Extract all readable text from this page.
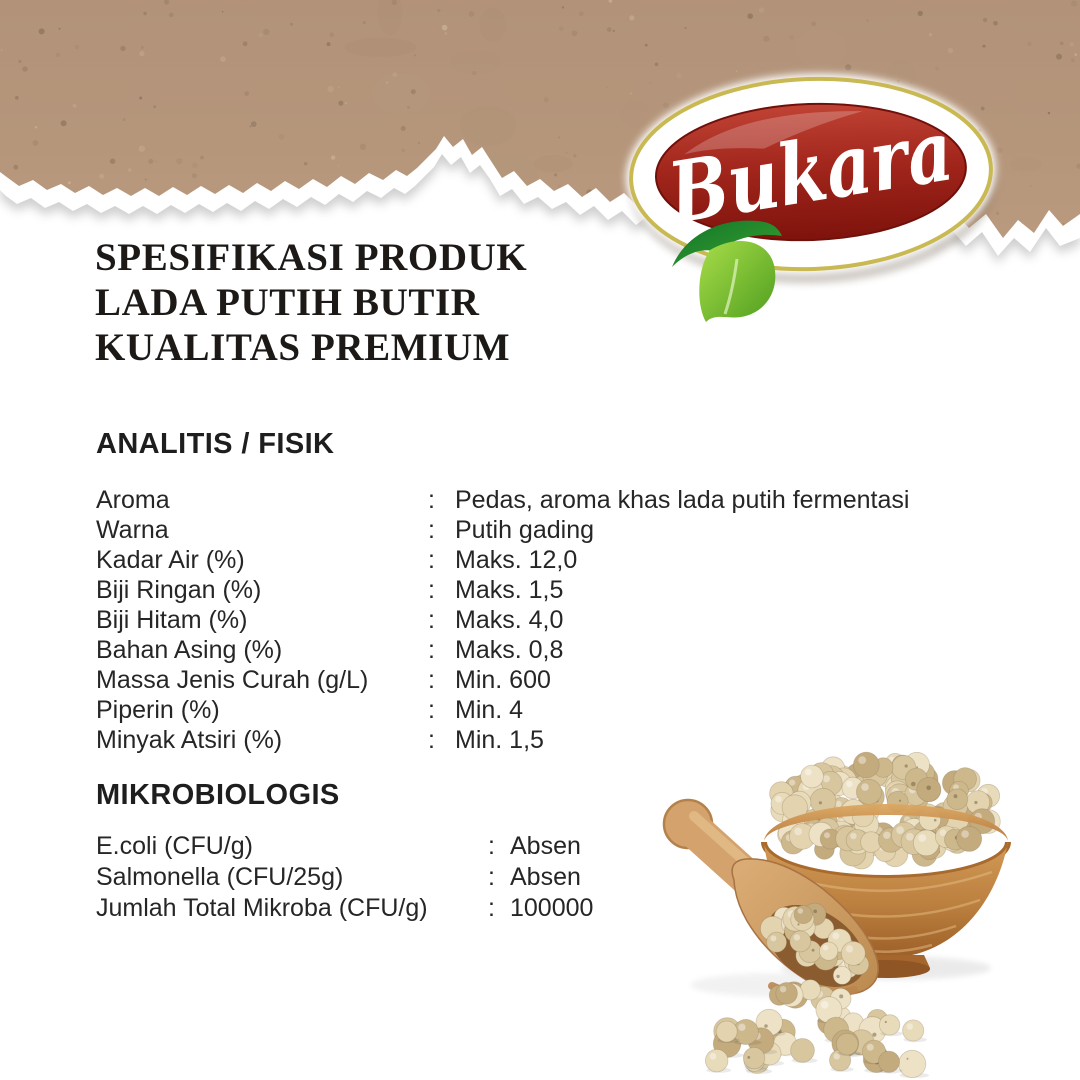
Bukara
SPESIFIKASI PRODUK
LADA PUTIH BUTIR
KUALITAS PREMIUM
ANALITIS / FISIK
Aroma	: Pedas, aroma khas lada putih fermentasi
Warna	: Putih gading
Kadar Air (%)	: Maks. 12,0
Biji Ringan (%)	: Maks. 1,5
Biji Hitam (%)	: Maks. 4,0
Bahan Asing (%)	: Maks. 0,8
Massa Jenis Curah (g/L)	: Min. 600
Piperin (%)	: Min. 4
Minyak Atsiri (%)	: Min. 1,5
MIKROBIOLOGIS
E.coli (CFU/g)	: Absen
Salmonella (CFU/25g)	: Absen
Jumlah Total Mikroba (CFU/g)	: 100000
